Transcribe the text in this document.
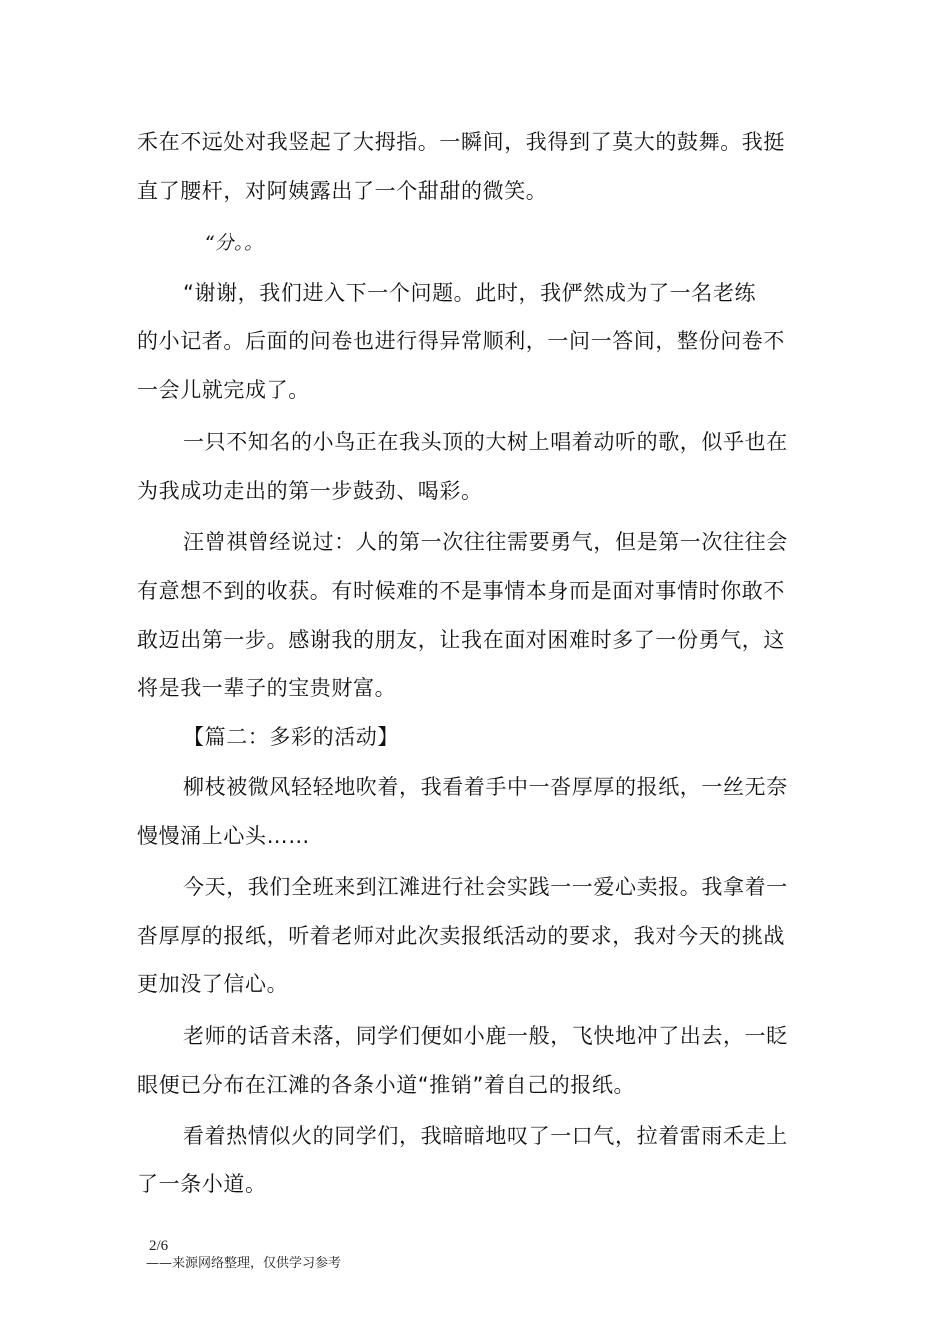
禾在不远处对我竖起了大拇指。一瞬间，我得到了莫大的鼓舞。我挺
直了腰杆，对阿姨露出了一个甜甜的微笑。
“分。。
“谢谢，我们进入下一个问题。此时，我俨然成为了一名老练
的小记者。后面的问卷也进行得异常顺利，一问一答间，整份问卷不
一会儿就完成了。
一只不知名的小鸟正在我头顶的大树上唱着动听的歌，似乎也在
为我成功走出的第一步鼓劲、喝彩。
汪曾祺曾经说过：人的第一次往往需要勇气，但是第一次往往会
有意想不到的收获。有时候难的不是事情本身而是面对事情时你敢不
敢迈出第一步。感谢我的朋友，让我在面对困难时多了一份勇气，这
将是我一辈子的宝贵财富。
【篇二：多彩的活动】
柳枝被微风轻轻地吹着，我看着手中一沓厚厚的报纸，一丝无奈
慢慢涌上心头……
今天，我们全班来到江滩进行社会实践一一爱心卖报。我拿着一
沓厚厚的报纸，听着老师对此次卖报纸活动的要求，我对今天的挑战
更加没了信心。
老师的话音未落，同学们便如小鹿一般，飞快地冲了出去，一眨
眼便已分布在江滩的各条小道“推销”着自己的报纸。
看着热情似火的同学们，我暗暗地叹了一口气，拉着雷雨禾走上
了一条小道。
2/6
——来源网络整理，仅供学习参考
